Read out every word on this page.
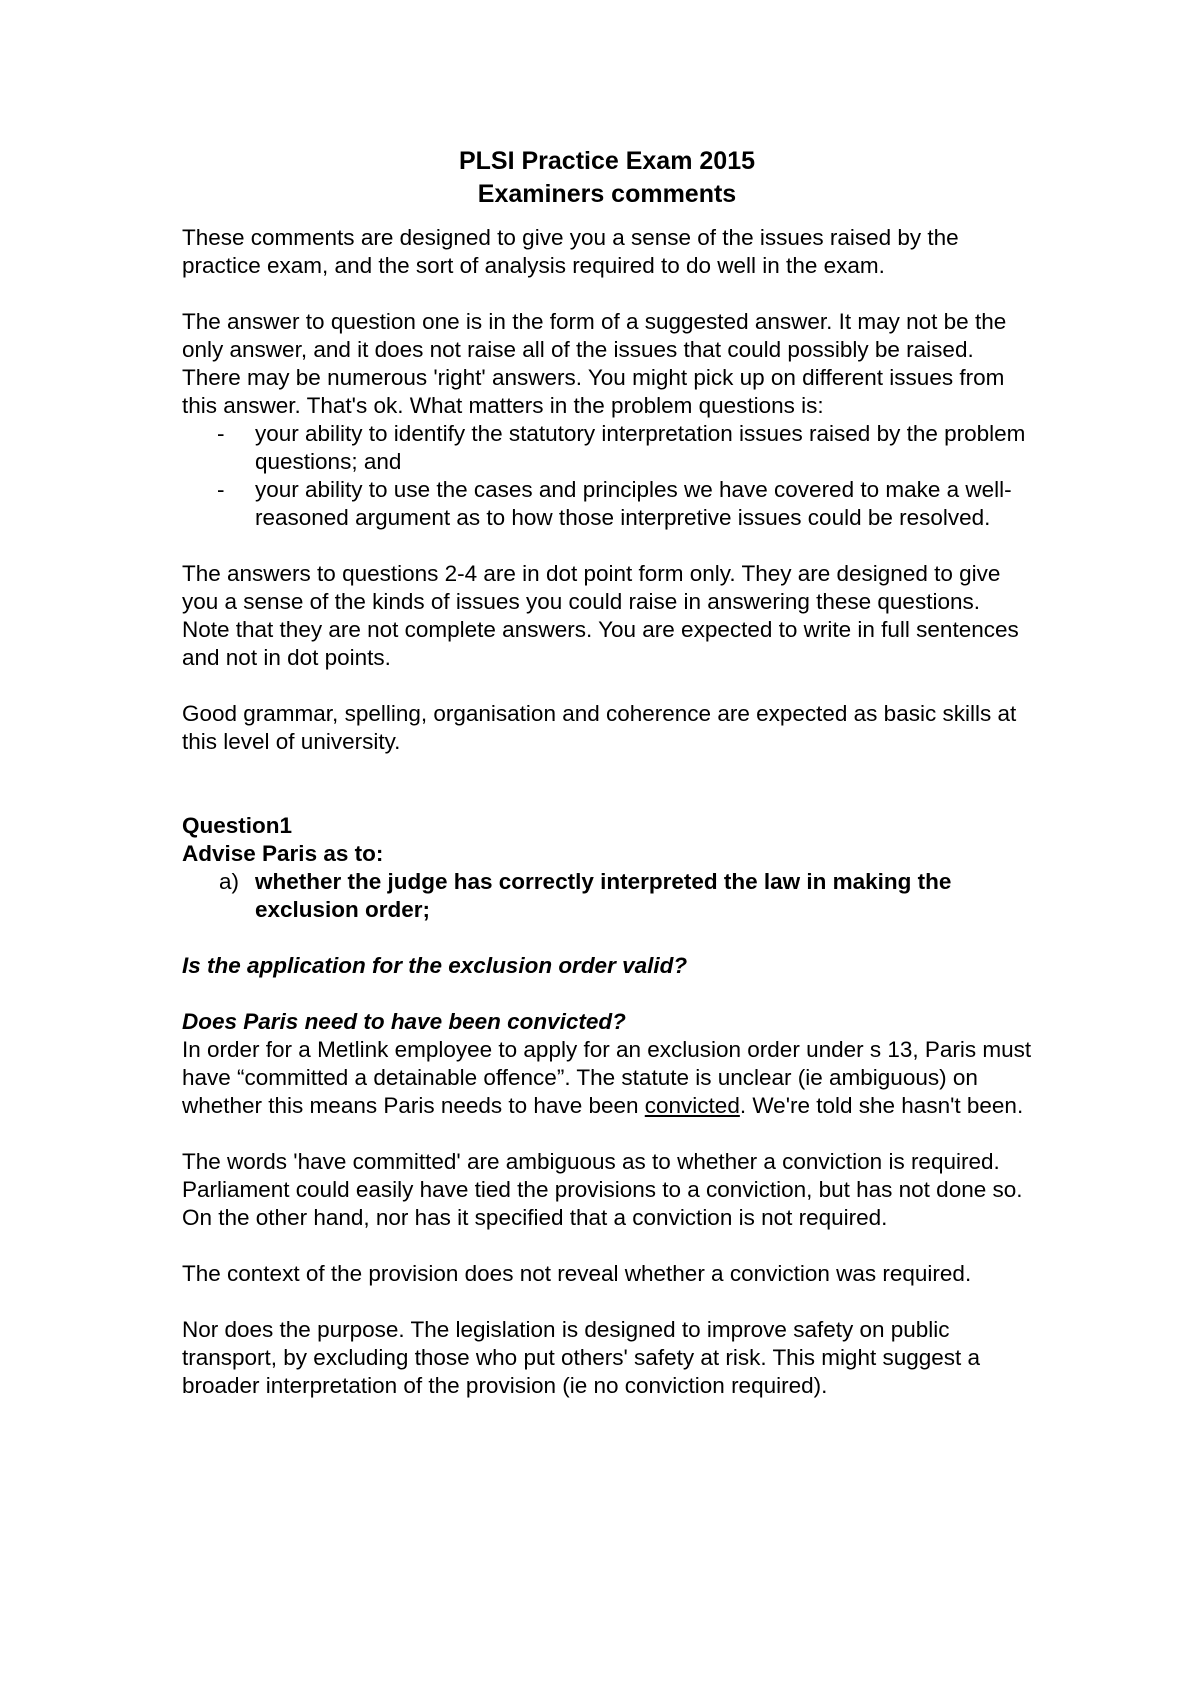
PLSI Practice Exam 2015
Examiners comments

These comments are designed to give you a sense of the issues raised by the practice exam, and the sort of analysis required to do well in the exam.

The answer to question one is in the form of a suggested answer. It may not be the only answer, and it does not raise all of the issues that could possibly be raised. There may be numerous 'right' answers. You might pick up on different issues from this answer. That's ok. What matters in the problem questions is:

- your ability to identify the statutory interpretation issues raised by the problem questions; and
- your ability to use the cases and principles we have covered to make a well-reasoned argument as to how those interpretive issues could be resolved.

The answers to questions 2-4 are in dot point form only. They are designed to give you a sense of the kinds of issues you could raise in answering these questions. Note that they are not complete answers. You are expected to write in full sentences and not in dot points.

Good grammar, spelling, organisation and coherence are expected as basic skills at this level of university.

Question1
Advise Paris as to:
a) whether the judge has correctly interpreted the law in making the exclusion order;

Is the application for the exclusion order valid?

Does Paris need to have been convicted?

In order for a Metlink employee to apply for an exclusion order under s 13, Paris must have “committed a detainable offence”. The statute is unclear (ie ambiguous) on whether this means Paris needs to have been convicted. We're told she hasn't been.

The words 'have committed' are ambiguous as to whether a conviction is required. Parliament could easily have tied the provisions to a conviction, but has not done so. On the other hand, nor has it specified that a conviction is not required.

The context of the provision does not reveal whether a conviction was required.

Nor does the purpose. The legislation is designed to improve safety on public transport, by excluding those who put others' safety at risk. This might suggest a broader interpretation of the provision (ie no conviction required).
